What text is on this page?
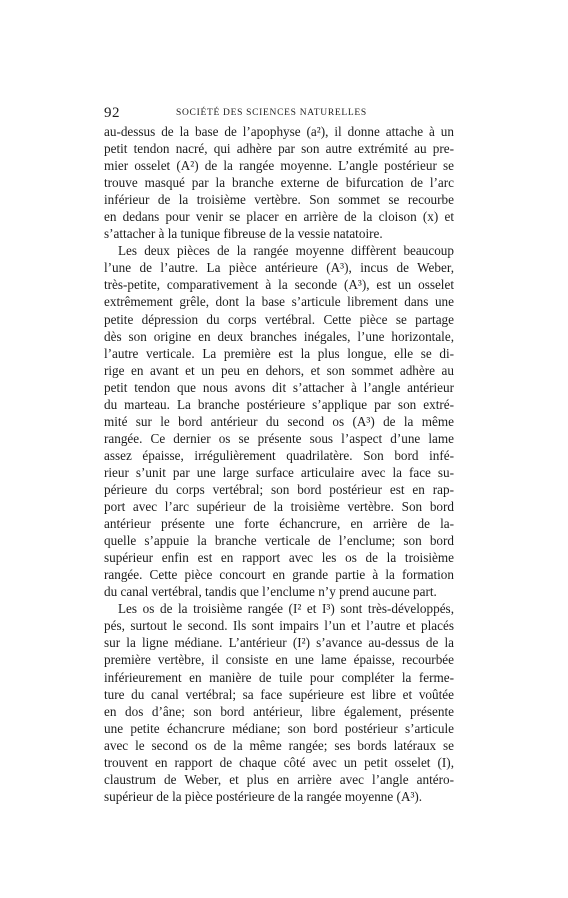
92	SOCIÉTÉ DES SCIENCES NATURELLES
au-dessus de la base de l’apophyse (a²), il donne attache à un
petit tendon nacré, qui adhère par son autre extrémité au pre-
mier osselet (A²) de la rangée moyenne. L’angle postérieur se
trouve masqué par la branche externe de bifurcation de l’arc
inférieur de la troisième vertèbre. Son sommet se recourbe
en dedans pour venir se placer en arrière de la cloison (x) et
s’attacher à la tunique fibreuse de la vessie natatoire.
Les deux pièces de la rangée moyenne diffèrent beaucoup
l’une de l’autre. La pièce antérieure (A³), incus de Weber,
très-petite, comparativement à la seconde (A³), est un osselet
extrêmement grêle, dont la base s’articule librement dans une
petite dépression du corps vertébral. Cette pièce se partage
dès son origine en deux branches inégales, l’une horizontale,
l’autre verticale. La première est la plus longue, elle se di-
rige en avant et un peu en dehors, et son sommet adhère au
petit tendon que nous avons dit s’attacher à l’angle antérieur
du marteau. La branche postérieure s’applique par son extré-
mité sur le bord antérieur du second os (A³) de la même
rangée. Ce dernier os se présente sous l’aspect d’une lame
assez épaisse, irrégulièrement quadrilatère. Son bord infé-
rieur s’unit par une large surface articulaire avec la face su-
périeure du corps vertébral; son bord postérieur est en rap-
port avec l’arc supérieur de la troisième vertèbre. Son bord
antérieur présente une forte échancrure, en arrière de la-
quelle s’appuie la branche verticale de l’enclume; son bord
supérieur enfin est en rapport avec les os de la troisième
rangée. Cette pièce concourt en grande partie à la formation
du canal vertébral, tandis que l’enclume n’y prend aucune part.
Les os de la troisième rangée (I² et I³) sont très-développés,
pés, surtout le second. Ils sont impairs l’un et l’autre et placés
sur la ligne médiane. L’antérieur (I²) s’avance au-dessus de la
première vertèbre, il consiste en une lame épaisse, recourbée
inférieurement en manière de tuile pour compléter la ferme-
ture du canal vertébral; sa face supérieure est libre et voûtée
en dos d’âne; son bord antérieur, libre également, présente
une petite échancrure médiane; son bord postérieur s’articule
avec le second os de la même rangée; ses bords latéraux se
trouvent en rapport de chaque côté avec un petit osselet (I),
claustrum de Weber, et plus en arrière avec l’angle antéro-
supérieur de la pièce postérieure de la rangée moyenne (A³).
